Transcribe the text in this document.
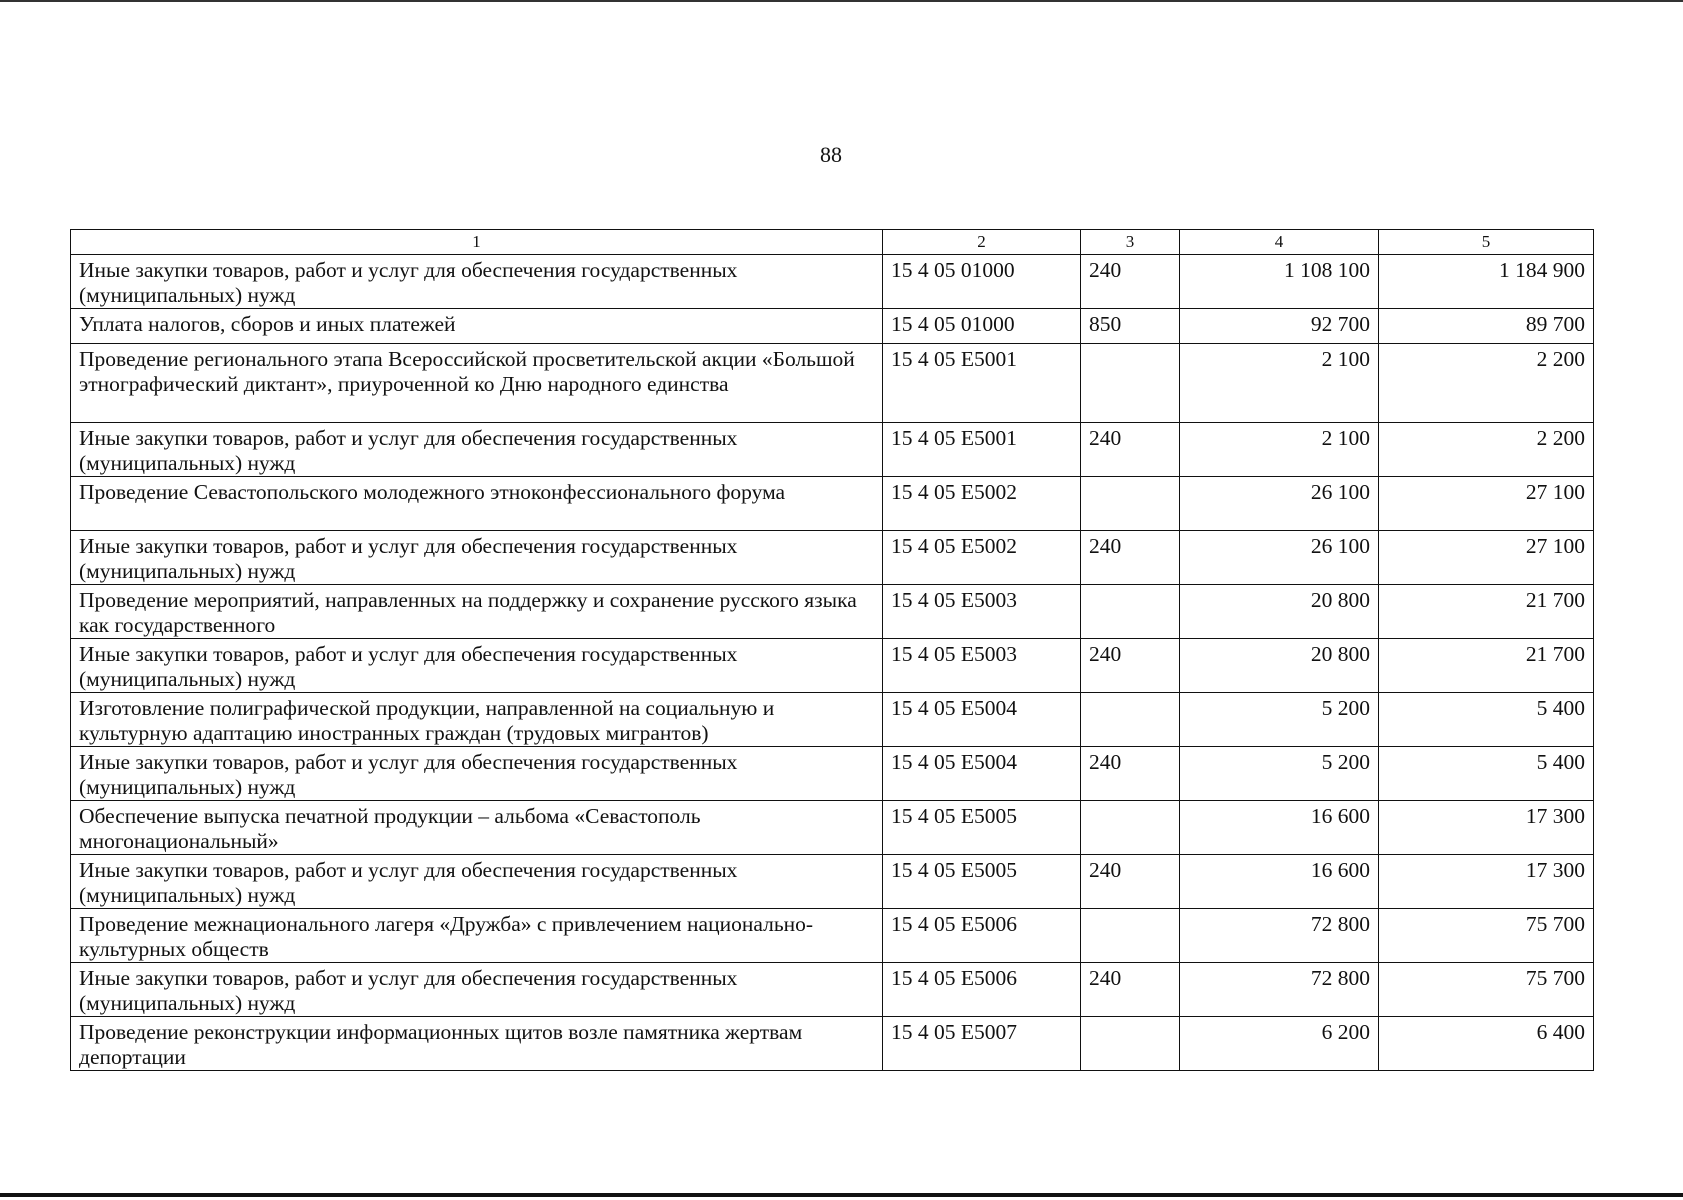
88
1	2	3	4	5
Иные закупки товаров, работ и услуг для обеспечения государственных (муниципальных) нужд	15 4 05 01000	240	1 108 100	1 184 900
Уплата налогов, сборов и иных платежей	15 4 05 01000	850	92 700	89 700
Проведение регионального этапа Всероссийской просветительской акции «Большой этнографический диктант», приуроченной ко Дню народного единства	15 4 05 Е5001		2 100	2 200
Иные закупки товаров, работ и услуг для обеспечения государственных (муниципальных) нужд	15 4 05 Е5001	240	2 100	2 200
Проведение Севастопольского молодежного этноконфессионального форума	15 4 05 Е5002		26 100	27 100
Иные закупки товаров, работ и услуг для обеспечения государственных (муниципальных) нужд	15 4 05 Е5002	240	26 100	27 100
Проведение мероприятий, направленных на поддержку и сохранение русского языка как государственного	15 4 05 Е5003		20 800	21 700
Иные закупки товаров, работ и услуг для обеспечения государственных (муниципальных) нужд	15 4 05 Е5003	240	20 800	21 700
Изготовление полиграфической продукции, направленной на социальную и культурную адаптацию иностранных граждан (трудовых мигрантов)	15 4 05 Е5004		5 200	5 400
Иные закупки товаров, работ и услуг для обеспечения государственных (муниципальных) нужд	15 4 05 Е5004	240	5 200	5 400
Обеспечение выпуска печатной продукции – альбома «Севастополь многонациональный»	15 4 05 Е5005		16 600	17 300
Иные закупки товаров, работ и услуг для обеспечения государственных (муниципальных) нужд	15 4 05 Е5005	240	16 600	17 300
Проведение межнационального лагеря «Дружба» с привлечением национально-культурных обществ	15 4 05 Е5006		72 800	75 700
Иные закупки товаров, работ и услуг для обеспечения государственных (муниципальных) нужд	15 4 05 Е5006	240	72 800	75 700
Проведение реконструкции информационных щитов возле памятника жертвам депортации	15 4 05 Е5007		6 200	6 400
